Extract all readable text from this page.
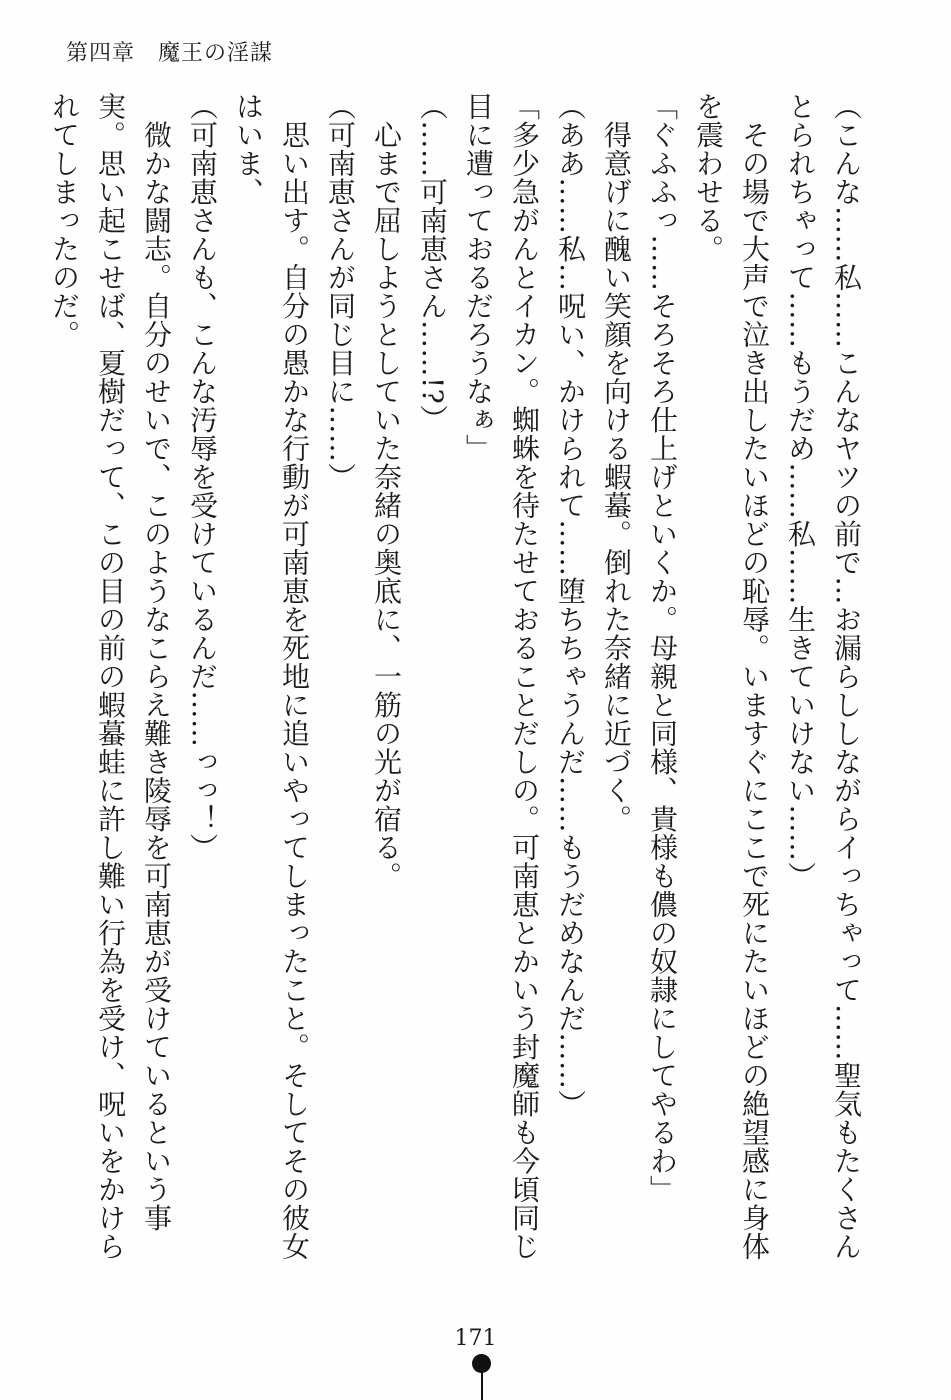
第四章　魔王の淫謀

（こんな……私……こんなヤツの前で…お漏らししながらイっちゃって……聖気もたくさんとられちゃって……もうだめ……私……生きていけない……）

　その場で大声で泣き出したいほどの恥辱。いますぐにここで死にたいほどの絶望感に身体を震わせる。

「ぐふふっ……そろそろ仕上げといくか。母親と同様、貴様も儂の奴隷にしてやるわ」

　得意げに醜い笑顔を向ける蝦蟇。倒れた奈緒に近づく。

（ああ……私…呪い、かけられて……堕ちちゃうんだ……もうだめなんだ……）

「多少急がんとイカン。蜘蛛を待たせておることだしの。可南恵とかいう封魔師も今頃同じ目に遭っておるだろうなぁ」

（……可南恵さん……!?）

　心まで屈しようとしていた奈緒の奥底に、一筋の光が宿る。

（可南恵さんが同じ目に……）

　思い出す。自分の愚かな行動が可南恵を死地に追いやってしまったこと。そしてその彼女はいま、

（可南恵さんも、こんな汚辱を受けているんだ……っっ！）

　微かな闘志。自分のせいで、このようなこらえ難き陵辱を可南恵が受けているという事実。思い起こせば、夏樹だって、この目の前の蝦蟇蛙に許し難い行為を受け、呪いをかけられてしまったのだ。

171
